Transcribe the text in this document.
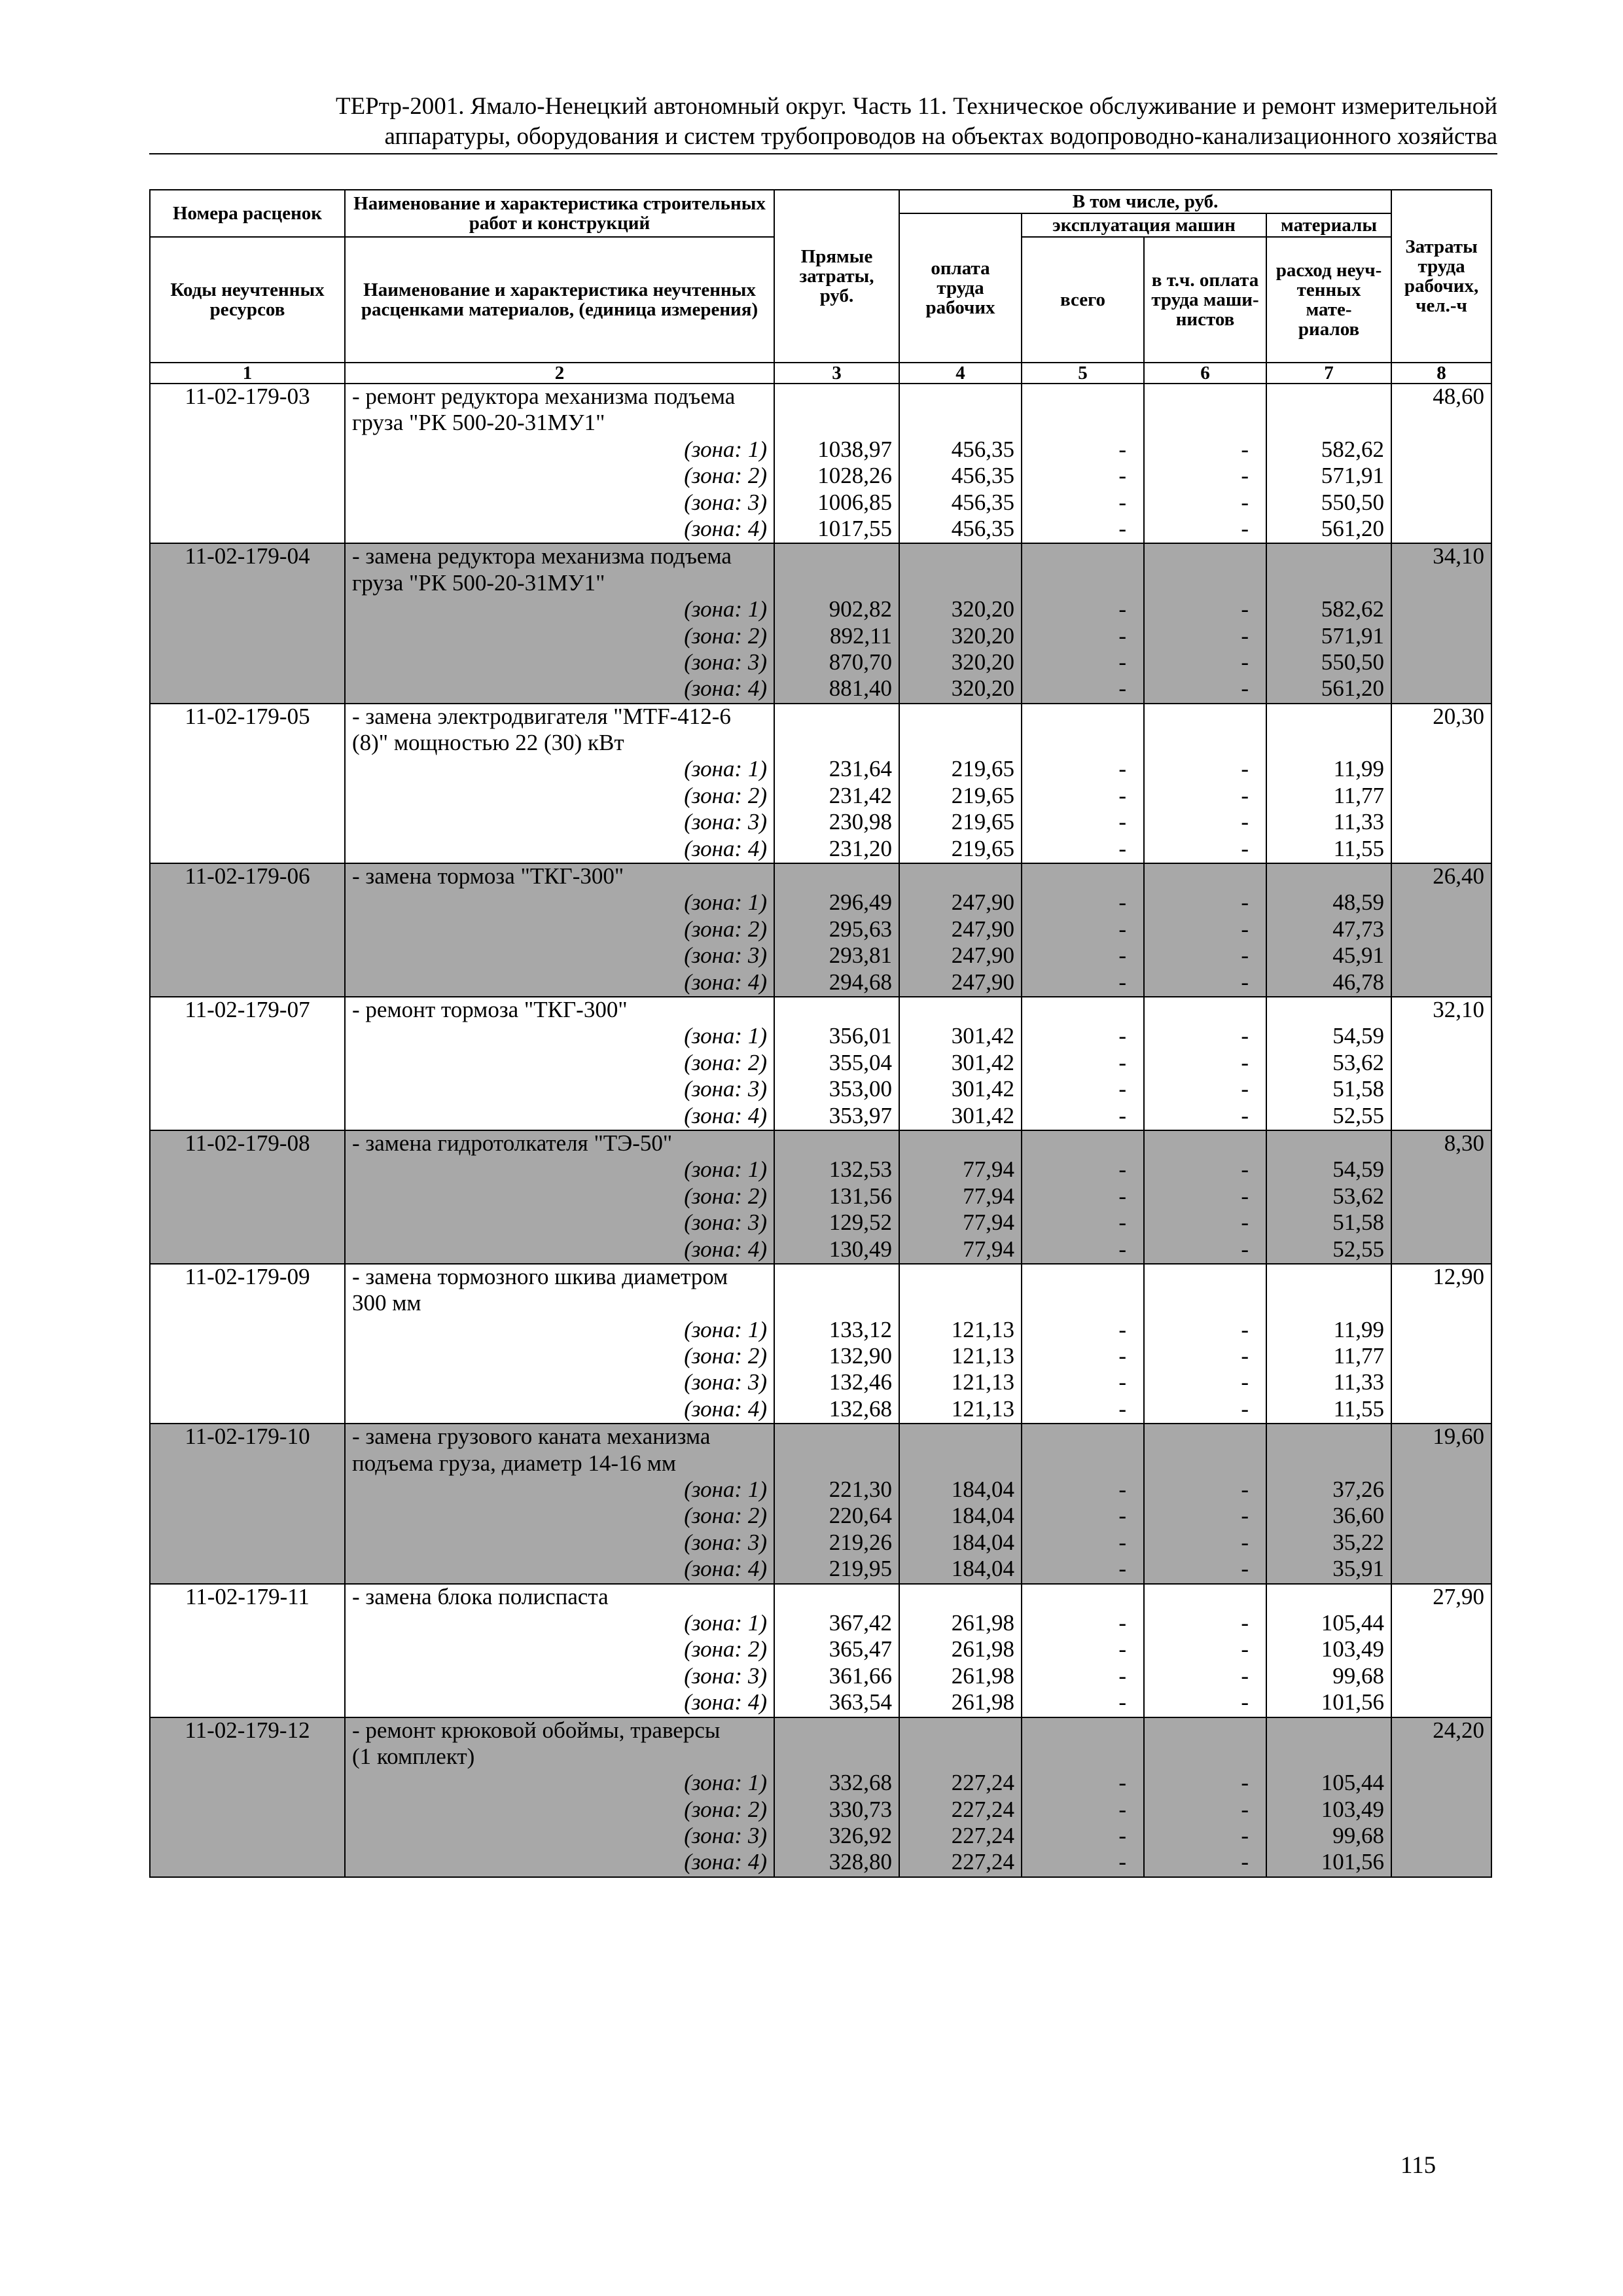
ТЕРтр-2001. Ямало-Ненецкий автономный округ. Часть 11. Техническое обслуживание и ремонт измерительной
аппаратуры, оборудования и систем трубопроводов на объектах водопроводно-канализационного хозяйства
Номера расценок	Наименование и характеристика строительных работ и конструкций	Прямые затраты, руб.	В том числе, руб.				Затраты труда рабочих, чел.-ч
			оплата труда рабочих	эксплуатация машин		материалы	
Коды неучтенных ресурсов	Наименование и характеристика неучтенных расценками материалов, (единица измерения)			всего	в т.ч. оплата труда маши- нистов	расход неуч- тенных мате- риалов	
1	2	3	4	5	6	7	8
11-02-179-03	- ремонт редуктора механизма подъема						48,60
	груза "РК 500-20-31МУ1"						
	(зона: 1)	1038,97	456,35	-	-	582,62	
	(зона: 2)	1028,26	456,35	-	-	571,91	
	(зона: 3)	1006,85	456,35	-	-	550,50	
	(зона: 4)	1017,55	456,35	-	-	561,20	
11-02-179-04	- замена редуктора механизма подъема						34,10
	груза "РК 500-20-31МУ1"						
	(зона: 1)	902,82	320,20	-	-	582,62	
	(зона: 2)	892,11	320,20	-	-	571,91	
	(зона: 3)	870,70	320,20	-	-	550,50	
	(зона: 4)	881,40	320,20	-	-	561,20	
11-02-179-05	- замена электродвигателя "MTF-412-6						20,30
	(8)" мощностью 22 (30) кВт						
	(зона: 1)	231,64	219,65	-	-	11,99	
	(зона: 2)	231,42	219,65	-	-	11,77	
	(зона: 3)	230,98	219,65	-	-	11,33	
	(зона: 4)	231,20	219,65	-	-	11,55	
11-02-179-06	- замена тормоза "ТКГ-300"						26,40
	(зона: 1)	296,49	247,90	-	-	48,59	
	(зона: 2)	295,63	247,90	-	-	47,73	
	(зона: 3)	293,81	247,90	-	-	45,91	
	(зона: 4)	294,68	247,90	-	-	46,78	
11-02-179-07	- ремонт тормоза "ТКГ-300"						32,10
	(зона: 1)	356,01	301,42	-	-	54,59	
	(зона: 2)	355,04	301,42	-	-	53,62	
	(зона: 3)	353,00	301,42	-	-	51,58	
	(зона: 4)	353,97	301,42	-	-	52,55	
11-02-179-08	- замена гидротолкателя "ТЭ-50"						8,30
	(зона: 1)	132,53	77,94	-	-	54,59	
	(зона: 2)	131,56	77,94	-	-	53,62	
	(зона: 3)	129,52	77,94	-	-	51,58	
	(зона: 4)	130,49	77,94	-	-	52,55	
11-02-179-09	- замена тормозного шкива диаметром						12,90
	300 мм						
	(зона: 1)	133,12	121,13	-	-	11,99	
	(зона: 2)	132,90	121,13	-	-	11,77	
	(зона: 3)	132,46	121,13	-	-	11,33	
	(зона: 4)	132,68	121,13	-	-	11,55	
11-02-179-10	- замена грузового каната механизма						19,60
	подъема груза, диаметр 14-16 мм						
	(зона: 1)	221,30	184,04	-	-	37,26	
	(зона: 2)	220,64	184,04	-	-	36,60	
	(зона: 3)	219,26	184,04	-	-	35,22	
	(зона: 4)	219,95	184,04	-	-	35,91	
11-02-179-11	- замена блока полиспаста						27,90
	(зона: 1)	367,42	261,98	-	-	105,44	
	(зона: 2)	365,47	261,98	-	-	103,49	
	(зона: 3)	361,66	261,98	-	-	99,68	
	(зона: 4)	363,54	261,98	-	-	101,56	
11-02-179-12	- ремонт крюковой обоймы, траверсы						24,20
	(1 комплект)						
	(зона: 1)	332,68	227,24	-	-	105,44	
	(зона: 2)	330,73	227,24	-	-	103,49	
	(зона: 3)	326,92	227,24	-	-	99,68	
	(зона: 4)	328,80	227,24	-	-	101,56	
115
